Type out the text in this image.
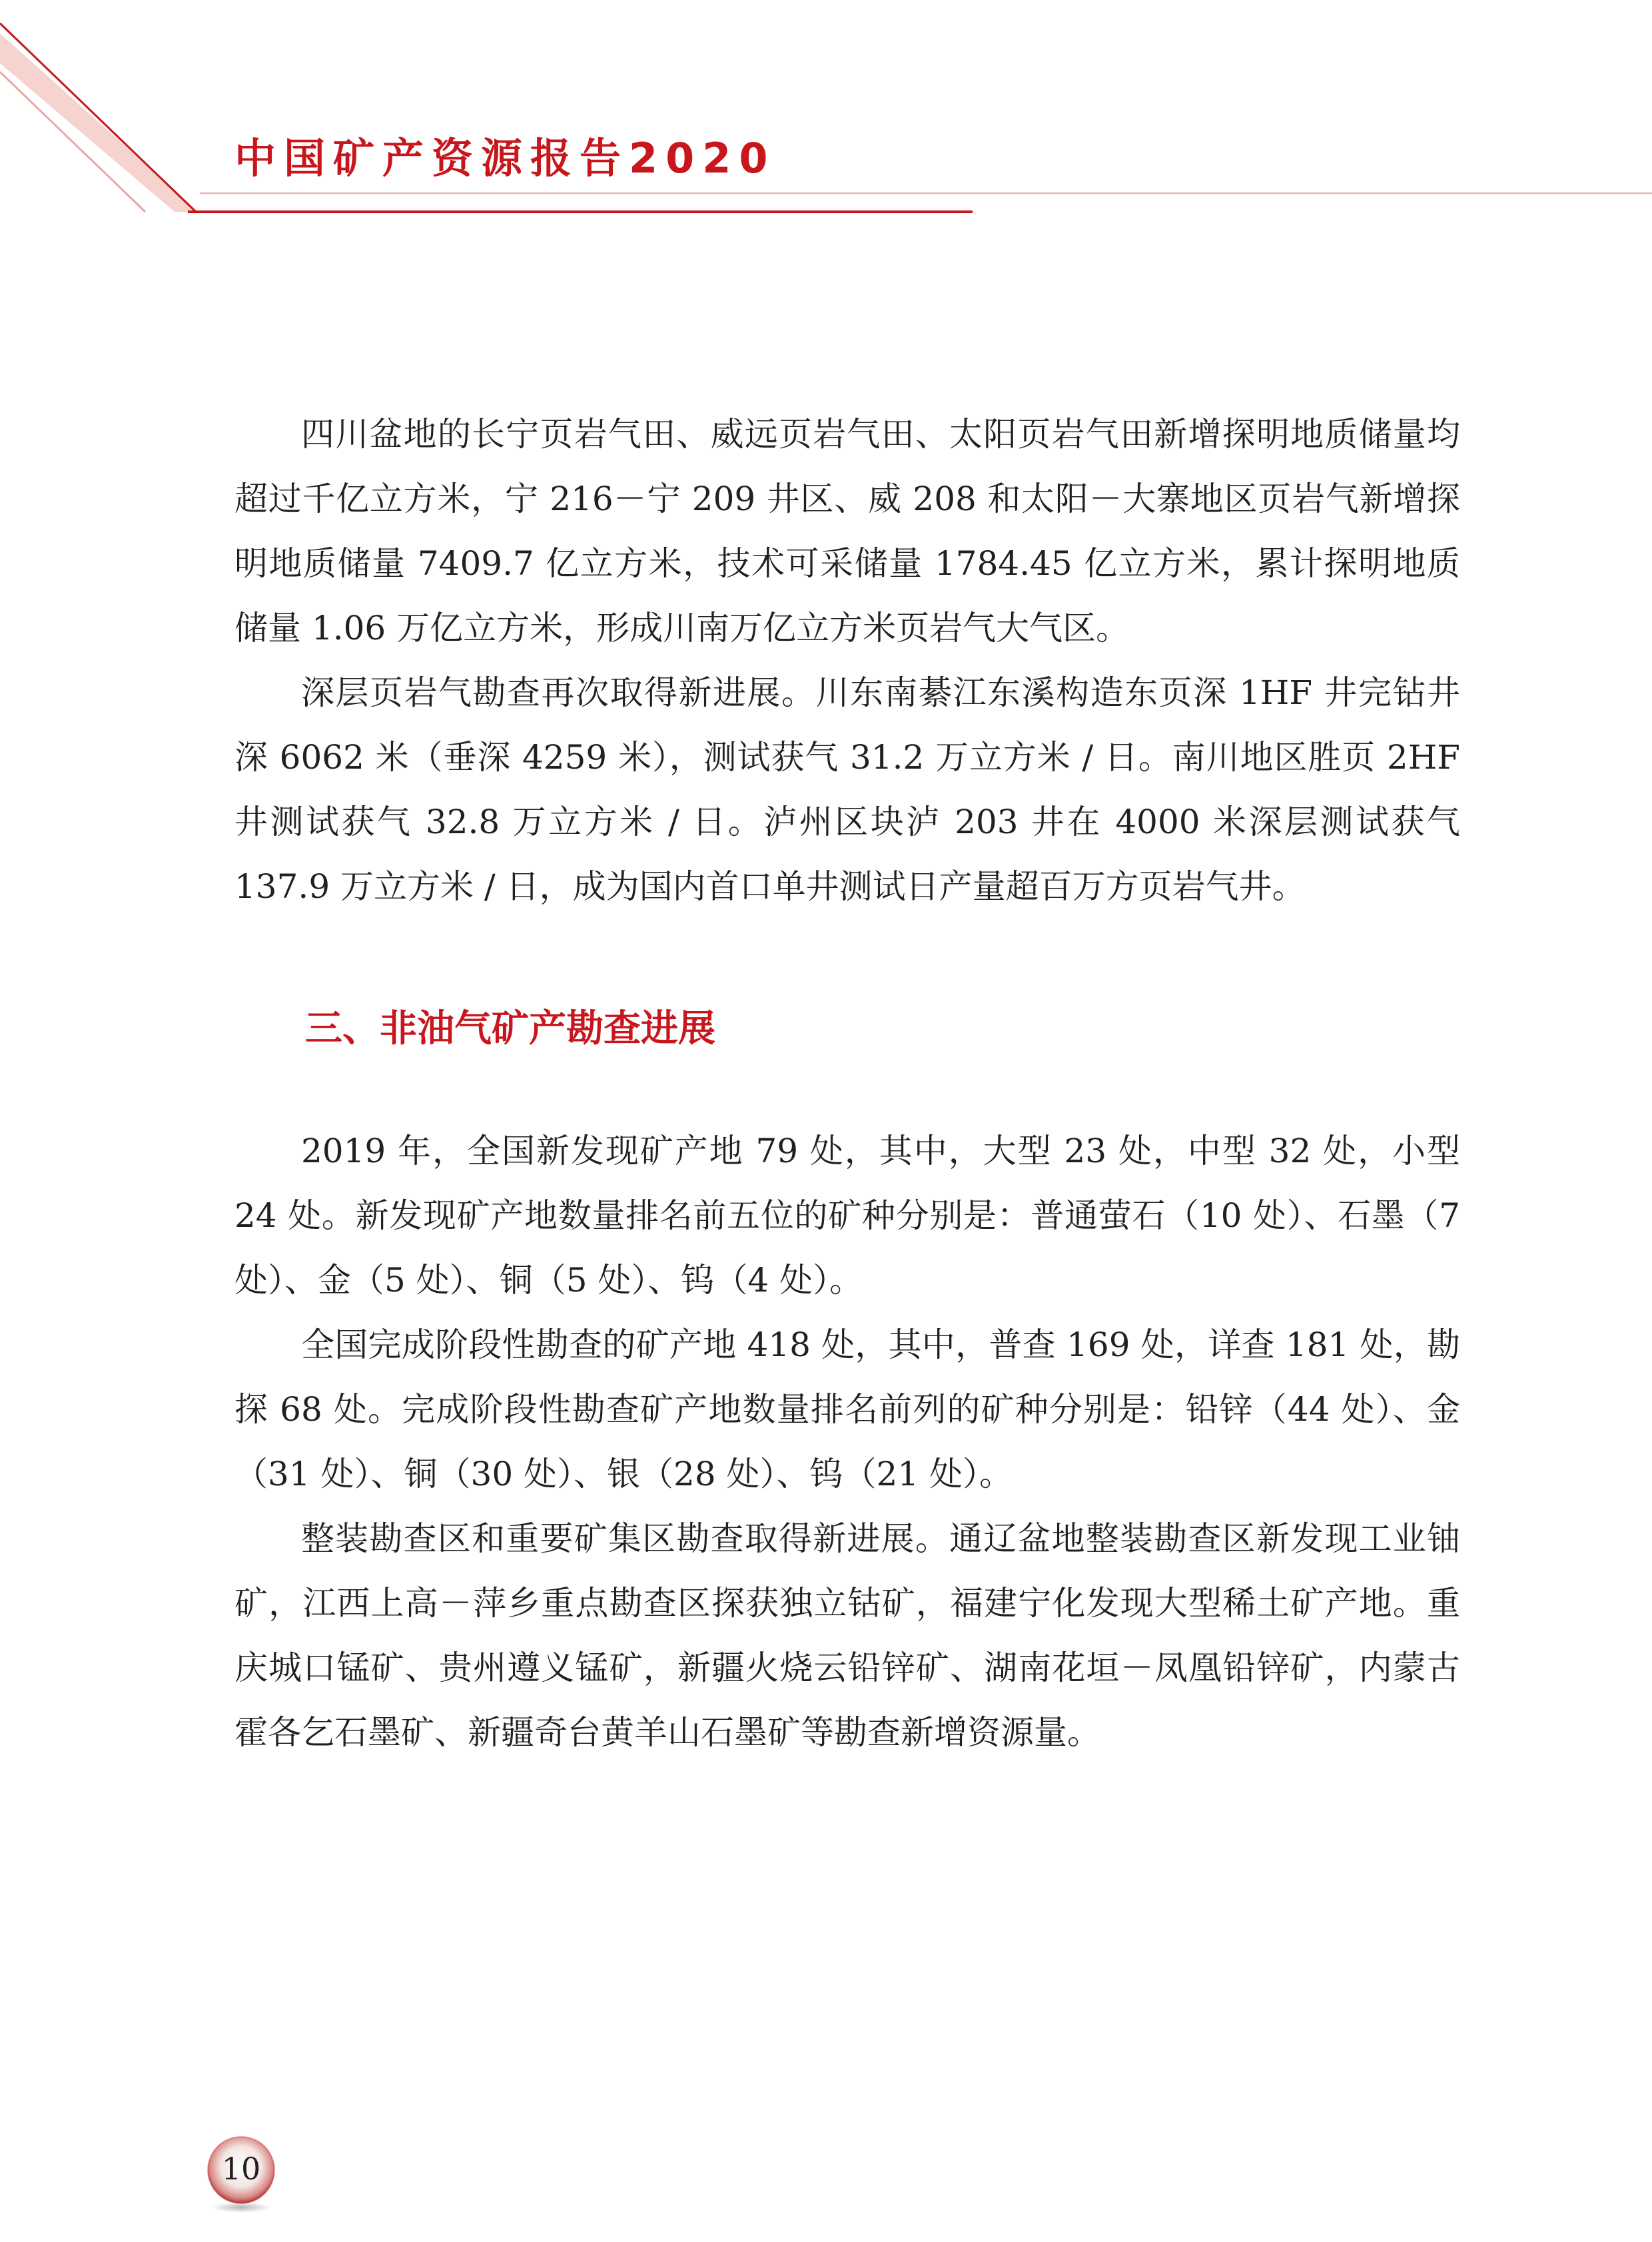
中国矿产资源报告2020

四川盆地的长宁页岩气田、威远页岩气田、太阳页岩气田新增探明地质储量均超过千亿立方米，宁 216－宁 209 井区、威 208 和太阳－大寨地区页岩气新增探明地质储量 7409.7 亿立方米，技术可采储量 1784.45 亿立方米，累计探明地质储量 1.06 万亿立方米，形成川南万亿立方米页岩气大气区。

深层页岩气勘查再次取得新进展。川东南綦江东溪构造东页深 1HF 井完钻井深 6062 米（垂深 4259 米），测试获气 31.2 万立方米 / 日。南川地区胜页 2HF 井测试获气 32.8 万立方米 / 日。泸州区块泸 203 井在 4000 米深层测试获气 137.9 万立方米 / 日，成为国内首口单井测试日产量超百万方页岩气井。

三、非油气矿产勘查进展

2019 年，全国新发现矿产地 79 处，其中，大型 23 处，中型 32 处，小型 24 处。新发现矿产地数量排名前五位的矿种分别是：普通萤石（10 处）、石墨（7 处）、金（5 处）、铜（5 处）、钨（4 处）。

全国完成阶段性勘查的矿产地 418 处，其中，普查 169 处，详查 181 处，勘探 68 处。完成阶段性勘查矿产地数量排名前列的矿种分别是：铅锌（44 处）、金（31 处）、铜（30 处）、银（28 处）、钨（21 处）。

整装勘查区和重要矿集区勘查取得新进展。通辽盆地整装勘查区新发现工业铀矿，江西上高－萍乡重点勘查区探获独立钴矿，福建宁化发现大型稀土矿产地。重庆城口锰矿、贵州遵义锰矿，新疆火烧云铅锌矿、湖南花垣－凤凰铅锌矿，内蒙古霍各乞石墨矿、新疆奇台黄羊山石墨矿等勘查新增资源量。

10
